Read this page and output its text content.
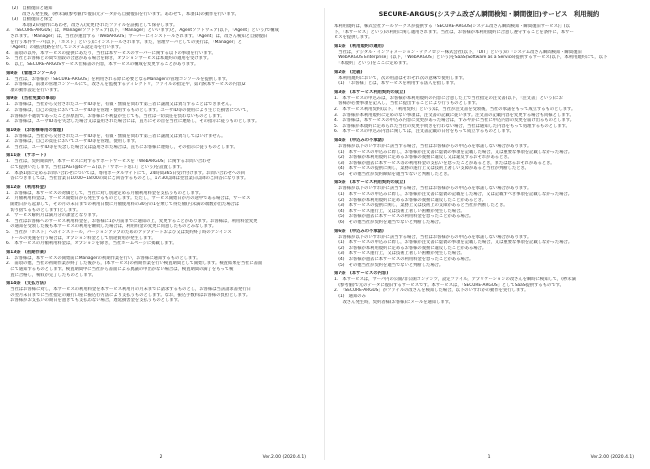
(2)　自動復旧と通知
　改ざん発生後，(秒未満(参考値)で復旧元データから自動復旧を行います。あわせて，本項(1)の動作を行います。
(3)　自動復旧と保全
　本項(2)の動作にあわせ，改ざん(変更)されたファイルを証拠として保存します。
3.　「SECURE-ARGUS」は，Managerソフトウェア(以下，「Manager」といいます)と，Agentソフトウェア(以下，「Agent」という)で構成
　されます。「Manager」は，当社が運営する「WebARGUS」サーバーにインストールされます。「Agent」は，改ざん検知と自動復旧
　を行う本件サーバ(以下，「ホスト」という)にインストールされます。また，管理サーバとしての実行は，「Manager」と
　「Agent」の通信経路を介してシステム設定等を行います。
4.　前項の以外，本サービスの提供にあたり，当社は本サービスのサーバーに関する以下の事項を行います。
5.　当社とお客様との間で別段の合意がある場合を除き，オプションサービスは本規約の適用を受けます。
6.　以上，SECURE-ARGUSサービス仕様書の内容，本サービスの構成を変更することがあります。
第8条　(管理コンソール)
1.　当社は，お客様が「SECURE-ARGUS」を利用される際に必要となるManagerの管理コンソールを提供します。
2.　お客様は，前項の管理コンソールにて，改ざんを監視するディレクトリ，ファイルの指定や，第7条(本サービスの内容)2
　項の動作設定を行います。
第9条　(当社免責の事項)
1.　お客様は，当社から交付されたユーザID等を，有償・無償を問わず第三者に譲渡又は貸与することはできません。
2.　お客様は，自己の責任においてユーザID等を管理・使用するものとします。ユーザID等の使用により生じた損害について，
　お客様が不適切であったことが原因で，お客様に不利益が生じても，当社は一切責任を負わないものとします。
3.　お客様は，ユーザID等を失念した場合又は盗用された場合には，直ちにその旨を当社に連絡し，その指示に従うものとします。
第10条　(お客様専用の管理)
1.　お客様は，当社から交付されたユーザID等を，有償・無償を問わず第三者に譲渡又は貸与してはいけません。
2.　お客様は，自己の責任においてユーザID等を管理，使用します。
3.　当社は，ユーザID等を失念した場合又は盗用された場合は，直ちにお客様に連絡し，その指示に従うものとします。
第11条　(サポート)
1.　当社は，契約期間中，本サービスに対するサポートサービスを「WebARGUS」に関するお問い合わせ
　にて提供いたします。当社はAGT@tcチーム(以下「サポート窓口」という)を設置します。
2.　本条1項に定めるお問い合わせについては，専用ポータルサイトにて，24時間365日受け付けます。お問い合わせへの回
　答につきましては，当社営業日10:00~18:00の間にご回答するものとし，17:30以降は翌営業日以降のご回答になります。
第12条　(利用料金)
1.　お客様は，本サービスの対価として，当社に対し別途定める月額利用料金を支払うものとします。
2.　月額利用料金は，サービス開始日から発生するものとします。ただし，サービス開始日が月の途中である場合は，サービス
　開始日から起算して，その月の末日までの利用日数に月額使用料の30分の1を乗じて得た額(円未満の端数が出た場合は
　切り捨てるものとします)とします。
3.　サービス解約月は満月分の課金となります。
4.　当社はお客様へのサービス利用料金を，お客様に1か月前までに通知の上，変更することがあります。お客様は，利用料金変更
　の通知を受領した後も本サービスの利用を継続した場合は，利用料金の変更に同意したものとみなします。
5.　当社が「ホスト」へのインストール，バージョンアップのためのアップデートおよび又は契約終了時のアンインス
　トールの実施を行う場合は，オプション料金として別途費用が発生します。
6.　本サービスの月額利用料金は，オプションを除き，当社ホームページに掲載します。
第13条　(初期作業)
1.　お客様は，本サービスの開始前にManagerの初期作業を行い，お客様に通知するものとします。
2.　前項の他，当社の初期作業が終了した後から，(本サービス)の初期作業を行い検査期間として開始します。検査結果を当社に書面
　にて通知するものとします。検査期間中に当社から書面による異議の申出がない場合は，検査期間の満了をもって検
　査に合格し，検収が完了したものとします。
第14条　(支払方法)
　当社はお客様に対し，本サービスの利用料金を本サービス利用月の月末までに請求するものとし，お客様は当該請求書発行日
　の翌月末日までに当社指定の銀行口座に振込む方法により支払うものとします。なお，振込手数料はお客様の負担とします。
　お客様がお支払いの期日を過ぎても支払わない場合，遅延損害金を支払うものとします。
2	Ver.2.00 (2020.4.1)
SECURE-ARGUS(システム改ざん瞬間検知・瞬間復旧)サービス　利用規約
本利用規約は，株式会社アールワークスが提供する「SECURE-ARGUS(システム改ざん瞬間検知・瞬間復旧サービス)」(以
下，「本サービス」という)の利用に関し適用されます。当社は，お客様が本利用規約に合意し遵守することを条件に，本サー
ビスを提供します。
第1条　(利用規約の適用)
　当社は，デジタル・インフォメーション・テクノロジー株式会社(以下，「DIT」という)の「システム改ざん瞬間検知・瞬間復旧
　WebARGUS Enterprise」(以下，「WebARGUS」という)をSaaS(Software as a Service)提供するサービス(以下，本利用規約にて，以下
　「本規約」という)をここに定めます。
第2条　(定義)
　本利用規約において，次の用語はそれぞれ次の意味で使用します。
　(1)　「お客様」とは，本サービスを利用する法人を指します。
第3条　(本サービス利用契約の成立)
1.　本サービスの申込みは，お客様が本利用規約の内容に合意した上で当社指定の注文書(以下，「注文書」という)にお
　客様が必要事項を記入し，当社に提出することにより行うものとします。
2.　本サービス利用契約(以下，「利用契約」という)は，当社が注文書を受領後，当社の承諾をもって成立するものとします。
3.　お客様が本利用規約に定めのない事項は，注文書の記載に従います。注文書の記載内容を変更する場合も同様とします。
4.　お客様は，本サービスの申込み内容に変更があった場合は，すみやかに当社に申込内容の変更を届け出るものとします。
5.　お客様が本規約に定められた当社の変更手続きを行わない場合，当社は通知した内容をもって処理するものとします。
6.　本サービスの申込み内容に関しては，注文書記載の日付をもって成立するものとします。
第4条　(申込みの不承諾)
　お客様が以下のいずれかに該当する場合，当社はお客様からの申込みを承諾しない場合があります。
　(1)　本サービスの申込みに際し，お客様が注文書に虚偽の事項を記載した場合，又は重要な事項を記載しなかった場合。
　(2)　お客様が本利用規約に定めるお客様の義務に違反し又は違反するおそれがあるとき。
　(3)　お客様が過去に本サービス等の利用料金の支払いを怠ったことがあるとき，または怠るおそれがあるとき。
　(4)　本サービスの提供に関し，業務の遂行上又は技術上著しい支障があると当社が判断したとき。
　(5)　その他当社が契約締結を適当でないと判断したとき。
第5条　(本サービス利用契約の成立)
　お客様が以下のいずれかに該当する場合，当社はお客様からの申込みを承諾しない場合があります。
　(1)　本サービスの申込みに際し，お客様が注文書に虚偽の記載をした場合，又は記載すべき事項を記載しなかった場合。
　(2)　お客様が本利用規約に定めるお客様の義務に違反したことがあるとき。
　(3)　本サービスの提供に関し，業務上又は技術上の支障があると当社が判断したとき。
　(4)　本サービス運行上，又は技術上著しい困難が発生した場合。
　(5)　お客様が過去に本サービスの利用料金を怠ったことがある場合。
　(6)　その他当社が契約を適当でないと判断した場合。
第6条　(申込みの不承諾)
　お客様が以下のいずれかに該当する場合，当社はお客様からの申込みを承諾しない場合があります。
　(1)　本サービスの申込みに際し，お客様が注文書に虚偽の事項を記載した場合，又は重要な事項を記載しなかった場合。
　(2)　お客様が本利用規約に定めるお客様の義務に違反したことがある場合。
　(3)　本サービス運行上，又は技術上著しい困難が発生した場合。
　(4)　お客様が過去に本サービスの利用料金を怠ったことがある場合。
　(5)　その他当社が契約を適当でないと判断した場合。
第7条　(本サービスの内容)
1.　本サービスは，サーバ内の公開/非公開コンテンツ，設定ファイル，アプリケーションの改ざんを瞬時に検知して，(秒未満
　(参考値)で元のデータに復旧するサービスです。本サービスは，「SECURE-ARGUS」としてSaaS提供するものです。
2.　「SECURE-ARGUS」がファイルの改ざんを検知した場合，以下のいずれかの動作を実行します。
　(1)　通知のみ
　　改ざん発生時，契約者様(お客様)にメールを通知します。
1	Ver.2.00 (2020.4.1)
